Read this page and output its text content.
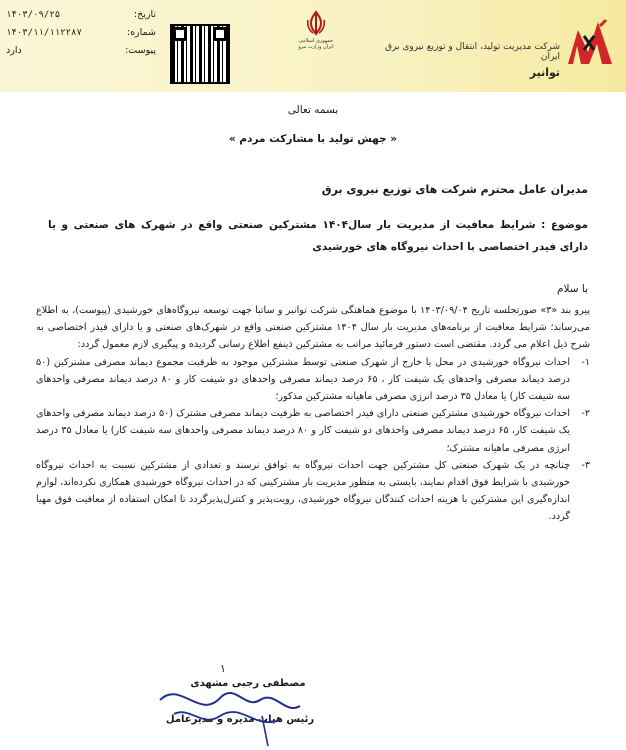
تاریخ:
۱۴۰۳/۰۹/۲۵
شماره:
۱۴۰۳/۱۱/۱۱۲۲۸۷
پیوست:
دارد
جمهوری اسلامی ایران وزارت نیرو	شرکت مدیریت تولید، انتقال و توزیع نیروی برق ایران
توانیر
بسمه تعالی
« جهش تولید با مشارکت مردم »
مدیران عامل محترم شرکت های توزیع نیروی برق
موضوع : شرایط معافیت از مدیریت بار سال۱۴۰۴ مشترکین صنعتی واقع در شهرک های صنعتی و یا دارای فیدر اختصاصی با احداث نیروگاه های خورشیدی
با سلام

پیرو بند «۳» صورتجلسه تاریخ ۱۴۰۳/۰۹/۰۴ با موضوع هماهنگی شرکت توانیر و ساتبا جهت توسعه نیروگاه‌های خورشیدی (پیوست)، به اطلاع می‌رساند؛ شرایط معافیت از برنامه‌های مدیریت بار سال ۱۴۰۴ مشترکین صنعتی واقع در شهرک‌های صنعتی و یا دارای فیدر اختصاصی به شرح ذیل اعلام می گردد. مقتضی است دستور فرمائید مراتب به مشترکین ذینفع اطلاع رسانی گردیده و پیگیری لازم معمول گردد:

۱-
احداث نیروگاه خورشیدی در محل یا خارج از شهرک صنعتی توسط مشترکین موجود به ظرفیت مجموع دیماند مصرفی مشترکین (۵۰ درصد دیماند مصرفی واحدهای یک شیفت کار ، ۶۵ درصد دیماند مصرفی واحدهای دو شیفت کار و ۸۰ درصد دیماند مصرفی واحدهای سه شیفت کار) یا معادل ۳۵ درصد انرژی مصرفی ماهیانه مشترکین مذکور؛
۲-
احداث نیروگاه خورشیدی مشترکین صنعتی دارای فیدر اختصاصی به ظرفیت دیماند مصرفی مشترک (۵۰ درصد دیماند مصرفی واحدهای یک شیفت کار، ۶۵ درصد دیماند مصرفی واحدهای دو شیفت کار و ۸۰ درصد دیماند مصرفی واحدهای سه شیفت کار) یا معادل ۳۵ درصد انرژی مصرفی ماهیانه مشترک؛
۳-
چنانچه در یک شهرک صنعتی کل مشترکین جهت احداث نیروگاه به توافق نرسند و تعدادی از مشترکین نسبت به احداث نیروگاه خورشیدی با شرایط فوق اقدام نمایند، بایستی به منظور مدیریت بار مشترکینی که در احداث نیروگاه خورشیدی همکاری نکرده‌اند، لوازم اندازه‌گیری این مشترکین با هزینه احداث کنندگان نیروگاه خورشیدی، رویت‌پذیر و کنترل‌پذیرگردد تا امکان استفاده از معافیت فوق مهیا گردد.
۱
مصطفی رجبی مشهدی
رئیس هیات مدیره و مدیرعامل
